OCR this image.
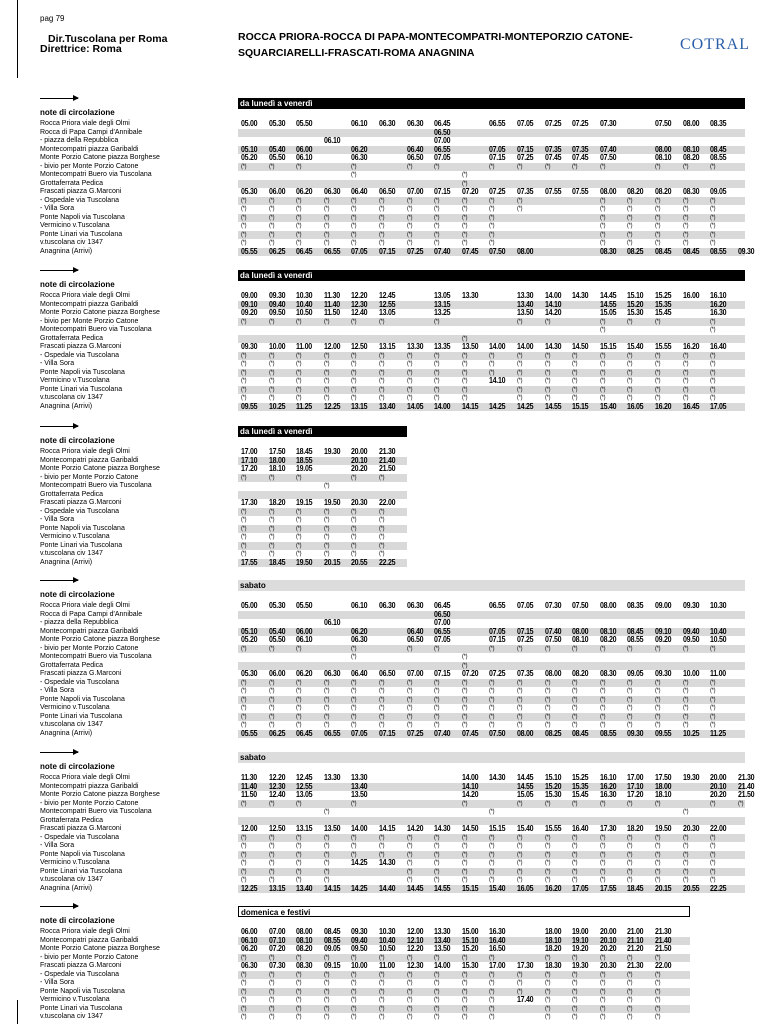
pag 79
Dir.Tuscolana per Roma
Direttrice: Roma
ROCCA PRIORA-ROCCA DI PAPA-MONTECOMPATRI-MONTEPORZIO CATONE-
SQUARCIARELLI-FRASCATI-ROMA ANAGNINA	COTRAL
note di circolazione
da lunedì a venerdì
Rocca Priora viale degli Olmi	05.00 05.30 05.50	06.10 06.30 06.30 06.45	06.55 07.05 07.25 07.25 07.30	07.50 08.00 08.35
Rocca di Papa Campi d'Annibale	06.50
- piazza della Repubblica	06.10	07.00
Montecompatri piazza Garibaldi	05.10 05.40 06.00	06.20	06.40 06.55	07.05 07.15 07.35 07.35 07.40	08.00 08.10 08.45
Monte Porzio Catone piazza Borghese	05.20 05.50 06.10	06.30	06.50 07.05	07.15 07.25 07.45 07.45 07.50	08.10 08.20 08.55
- bivio per Monte Porzio Catone	(*)	(*)	(*)	(*)	(*)	(*)	(*)	(*)	(*)	(*)	(*)	(*)	(*)	(*)
Montecompatri Buero via Tuscolana	(*)	(*)
Grottaferrata Pedica	(*)
Frascati piazza G.Marconi	05.30 06.00 06.20 06.30 06.40 06.50 07.00 07.15 07.20 07.25 07.35 07.55 07.55 08.00 08.20 08.20 08.30 09.05
- Ospedale via Tuscolana	(*)	(*)	(*)	(*)	(*)	(*)	(*)	(*)	(*)	(*)	(*)	(*)	(*)	(*)	(*)	(*)
- Villa Sora	(*)	(*)	(*)	(*)	(*)	(*)	(*)	(*)	(*)	(*)	(*)	(*)	(*)	(*)	(*)	(*)
Ponte Napoli via Tuscolana	(*)	(*)	(*)	(*)	(*)	(*)	(*)	(*)	(*)	(*)	(*)	(*)	(*)	(*)	(*)
Vermicino v.Tuscolana	(*)	(*)	(*)	(*)	(*)	(*)	(*)	(*)	(*)	(*)	(*)	(*)	(*)	(*)	(*)
Ponte Linari via Tuscolana	(*)	(*)	(*)	(*)	(*)	(*)	(*)	(*)	(*)	(*)	(*)	(*)	(*)	(*)	(*)
v.tuscolana civ 1347	(*)	(*)	(*)	(*)	(*)	(*)	(*)	(*)	(*)	(*)	(*)	(*)	(*)	(*)	(*)
Anagnina (Arrivi)	05.55 06.25 06.45 06.55 07.05 07.15 07.25 07.40 07.45 07.50 08.00	08.30 08.25 08.45 08.45 08.55 09.30
note di circolazione
da lunedì a venerdì
Rocca Priora viale degli Olmi	09.00 09.30 10.30 11.30 12.20 12.45	13.05 13.30	13.30 14.00 14.30 14.45 15.10 15.25 16.00 16.10
Montecompatri piazza Garibaldi	09.10 09.40 10.40 11.40 12.30 12.55	13.15	13.40 14.10	14.55 15.20 15.35	16.20
Monte Porzio Catone piazza Borghese	09.20 09.50 10.50 11.50 12.40 13.05	13.25	13.50 14.20	15.05 15.30 15.45	16.30
- bivio per Monte Porzio Catone	(*)	(*)	(*)	(*)	(*)	(*)	(*)	(*)	(*)	(*)	(*)	(*)	(*)
Montecompatri Buero via Tuscolana	(*)	(*)
Grottaferrata Pedica	(*)
Frascati piazza G.Marconi	09.30 10.00 11.00 12.00 12.50 13.15 13.30 13.35 13.50 14.00 14.00 14.30 14.50 15.15 15.40 15.55 16.20 16.40
- Ospedale via Tuscolana	(*)	(*)	(*)	(*)	(*)	(*)	(*)	(*)	(*)	(*)	(*)	(*)	(*)	(*)	(*)	(*)	(*)	(*)
- Villa Sora	(*)	(*)	(*)	(*)	(*)	(*)	(*)	(*)	(*)	(*)	(*)	(*)	(*)	(*)	(*)	(*)	(*)	(*)
Ponte Napoli via Tuscolana	(*)	(*)	(*)	(*)	(*)	(*)	(*)	(*)	(*)	(*)	(*)	(*)	(*)	(*)	(*)	(*)	(*)	(*)
Vermicino v.Tuscolana	(*)	(*)	(*)	(*)	(*)	(*)	(*)	(*)	(*)	14.10 (*)	(*)	(*)	(*)	(*)	(*)	(*)	(*)
Ponte Linari via Tuscolana	(*)	(*)	(*)	(*)	(*)	(*)	(*)	(*)	(*)	(*)	(*)	(*)	(*)	(*)	(*)	(*)	(*)
v.tuscolana civ 1347	(*)	(*)	(*)	(*)	(*)	(*)	(*)	(*)	(*)	(*)	(*)	(*)	(*)	(*)	(*)	(*)	(*)
Anagnina (Arrivi)	09.55 10.25 11.25 12.25 13.15 13.40 14.05 14.00 14.15 14.25 14.25 14.55 15.15 15.40 16.05 16.20 16.45 17.05
note di circolazione
da lunedì a venerdì
Rocca Priora viale degli Olmi	17.00 17.50 18.45 19.30 20.00 21.30
Montecompatri piazza Garibaldi	17.10 18.00 18.55	20.10 21.40
Monte Porzio Catone piazza Borghese	17.20 18.10 19.05	20.20 21.50
- bivio per Monte Porzio Catone	(*)	(*)	(*)	(*)	(*)
Montecompatri Buero via Tuscolana	(*)
Grottaferrata Pedica
Frascati piazza G.Marconi	17.30 18.20 19.15 19.50 20.30 22.00
- Ospedale via Tuscolana	(*)	(*)	(*)	(*)	(*)	(*)
- Villa Sora	(*)	(*)	(*)	(*)	(*)	(*)
Ponte Napoli via Tuscolana	(*)	(*)	(*)	(*)	(*)	(*)
Vermicino v.Tuscolana	(*)	(*)	(*)	(*)	(*)	(*)
Ponte Linari via Tuscolana	(*)	(*)	(*)	(*)	(*)	(*)
v.tuscolana civ 1347	(*)	(*)	(*)	(*)	(*)	(*)
Anagnina (Arrivi)	17.55 18.45 19.50 20.15 20.55 22.25
note di circolazione
sabato
Rocca Priora viale degli Olmi	05.00 05.30 05.50	06.10 06.30 06.30 06.45	06.55 07.05 07.30 07.50 08.00 08.35 09.00 09.30 10.30
Rocca di Papa Campi d'Annibale	06.50
- piazza della Repubblica	06.10	07.00
Montecompatri piazza Garibaldi	05.10 05.40 06.00	06.20	06.40 06.55	07.05 07.15 07.40 08.00 08.10 08.45 09.10 09.40 10.40
Monte Porzio Catone piazza Borghese	05.20 05.50 06.10	06.30	06.50 07.05	07.15 07.25 07.50 08.10 08.20 08.55 09.20 09.50 10.50
- bivio per Monte Porzio Catone	(*)	(*)	(*)	(*)	(*)	(*)	(*)	(*)	(*)	(*)	(*)	(*)	(*)	(*)	(*)
Montecompatri Buero via Tuscolana	(*)	(*)
Grottaferrata Pedica	(*)
Frascati piazza G.Marconi	05.30 06.00 06.20 06.30 06.40 06.50 07.00 07.15 07.20 07.25 07.35 08.00 08.20 08.30 09.05 09.30 10.00 11.00
- Ospedale via Tuscolana	(*)	(*)	(*)	(*)	(*)	(*)	(*)	(*)	(*)	(*)	(*)	(*)	(*)	(*)	(*)	(*)	(*)	(*)
- Villa Sora	(*)	(*)	(*)	(*)	(*)	(*)	(*)	(*)	(*)	(*)	(*)	(*)	(*)	(*)	(*)	(*)	(*)	(*)
Ponte Napoli via Tuscolana	(*)	(*)	(*)	(*)	(*)	(*)	(*)	(*)	(*)	(*)	(*)	(*)	(*)	(*)	(*)	(*)	(*)	(*)
Vermicino v.Tuscolana	(*)	(*)	(*)	(*)	(*)	(*)	(*)	(*)	(*)	(*)	(*)	(*)	(*)	(*)	(*)	(*)	(*)	(*)
Ponte Linari via Tuscolana	(*)	(*)	(*)	(*)	(*)	(*)	(*)	(*)	(*)	(*)	(*)	(*)	(*)	(*)	(*)	(*)	(*)	(*)
v.tuscolana civ 1347	(*)	(*)	(*)	(*)	(*)	(*)	(*)	(*)	(*)	(*)	(*)	(*)	(*)	(*)	(*)	(*)	(*)	(*)
Anagnina (Arrivi)	05.55 06.25 06.45 06.55 07.05 07.15 07.25 07.40 07.45 07.50 08.00 08.25 08.45 08.55 09.30 09.55 10.25 11.25
note di circolazione
sabato
Rocca Priora viale degli Olmi	11.30 12.20 12.45 13.30 13.30	14.00 14.30 14.45 15.10 15.25 16.10 17.00 17.50 19.30 20.00 21.30
Montecompatri piazza Garibaldi	11.40 12.30 12.55	13.40	14.10	14.55 15.20 15.35 16.20 17.10 18.00	20.10 21.40
Monte Porzio Catone piazza Borghese	11.50 12.40 13.05	13.50	14.20	15.05 15.30 15.45 16.30 17.20 18.10	20.20 21.50
- bivio per Monte Porzio Catone	(*)	(*)	(*)	(*)	(*)	(*)	(*)	(*)	(*)	(*)	(*)	(*)	(*)
Montecompatri Buero via Tuscolana	(*)	(*)	(*)
Grottaferrata Pedica
Frascati piazza G.Marconi	12.00 12.50 13.15 13.50 14.00 14.15 14.20 14.30 14.50 15.15 15.40 15.55 16.40 17.30 18.20 19.50 20.30 22.00
- Ospedale via Tuscolana	(*)	(*)	(*)	(*)	(*)	(*)	(*)	(*)	(*)	(*)	(*)	(*)	(*)	(*)	(*)	(*)	(*)	(*)
- Villa Sora	(*)	(*)	(*)	(*)	(*)	(*)	(*)	(*)	(*)	(*)	(*)	(*)	(*)	(*)	(*)	(*)	(*)	(*)
Ponte Napoli via Tuscolana	(*)	(*)	(*)	(*)	(*)	(*)	(*)	(*)	(*)	(*)	(*)	(*)	(*)	(*)	(*)	(*)	(*)	(*)
Vermicino v.Tuscolana	(*)	(*)	(*)	(*)	14.25 14.30 (*)	(*)	(*)	(*)	(*)	(*)	(*)	(*)	(*)	(*)	(*)	(*)
Ponte Linari via Tuscolana	(*)	(*)	(*)	(*)	(*)	(*)	(*)	(*)	(*)	(*)	(*)	(*)	(*)	(*)	(*)	(*)
v.tuscolana civ 1347	(*)	(*)	(*)	(*)	(*)	(*)	(*)	(*)	(*)	(*)	(*)	(*)	(*)	(*)	(*)	(*)
Anagnina (Arrivi)	12.25 13.15 13.40 14.15 14.25 14.40 14.45 14.55 15.15 15.40 16.05 16.20 17.05 17.55 18.45 20.15 20.55 22.25
note di circolazione
domenica e festivi
Rocca Priora viale degli Olmi	06.00 07.00 08.00 08.45 09.30 10.30 12.00 13.30 15.00 16.30	18.00 19.00 20.00 21.00 21.30
Montecompatri piazza Garibaldi	06.10 07.10 08.10 08.55 09.40 10.40 12.10 13.40 15.10 16.40	18.10 19.10 20.10 21.10 21.40
Monte Porzio Catone piazza Borghese	06.20 07.20 08.20 09.05 09.50 10.50 12.20 13.50 15.20 16.50	18.20 19.20 20.20 21.20 21.50
- bivio per Monte Porzio Catone	(*)	(*)	(*)	(*)	(*)	(*)	(*)	(*)	(*)	(*)	(*)	(*)	(*)	(*)	(*)
Frascati piazza G.Marconi	06.30 07.30 08.30 09.15 10.00 11.00 12.30 14.00 15.30 17.00 17.30 18.30 19.30 20.30 21.30 22.00
- Ospedale via Tuscolana	(*)	(*)	(*)	(*)	(*)	(*)	(*)	(*)	(*)	(*)	(*)	(*)	(*)	(*)	(*)	(*)
- Villa Sora	(*)	(*)	(*)	(*)	(*)	(*)	(*)	(*)	(*)	(*)	(*)	(*)	(*)	(*)	(*)	(*)
Ponte Napoli via Tuscolana	(*)	(*)	(*)	(*)	(*)	(*)	(*)	(*)	(*)	(*)	(*)	(*)	(*)	(*)	(*)	(*)
Vermicino v.Tuscolana	(*)	(*)	(*)	(*)	(*)	(*)	(*)	(*)	(*)	(*)	17.40 (*)	(*)	(*)	(*)	(*)
Ponte Linari via Tuscolana	(*)	(*)	(*)	(*)	(*)	(*)	(*)	(*)	(*)	(*)	(*)	(*)	(*)	(*)	(*)
v.tuscolana civ 1347	(*)	(*)	(*)	(*)	(*)	(*)	(*)	(*)	(*)	(*)	(*)	(*)	(*)	(*)	(*)
